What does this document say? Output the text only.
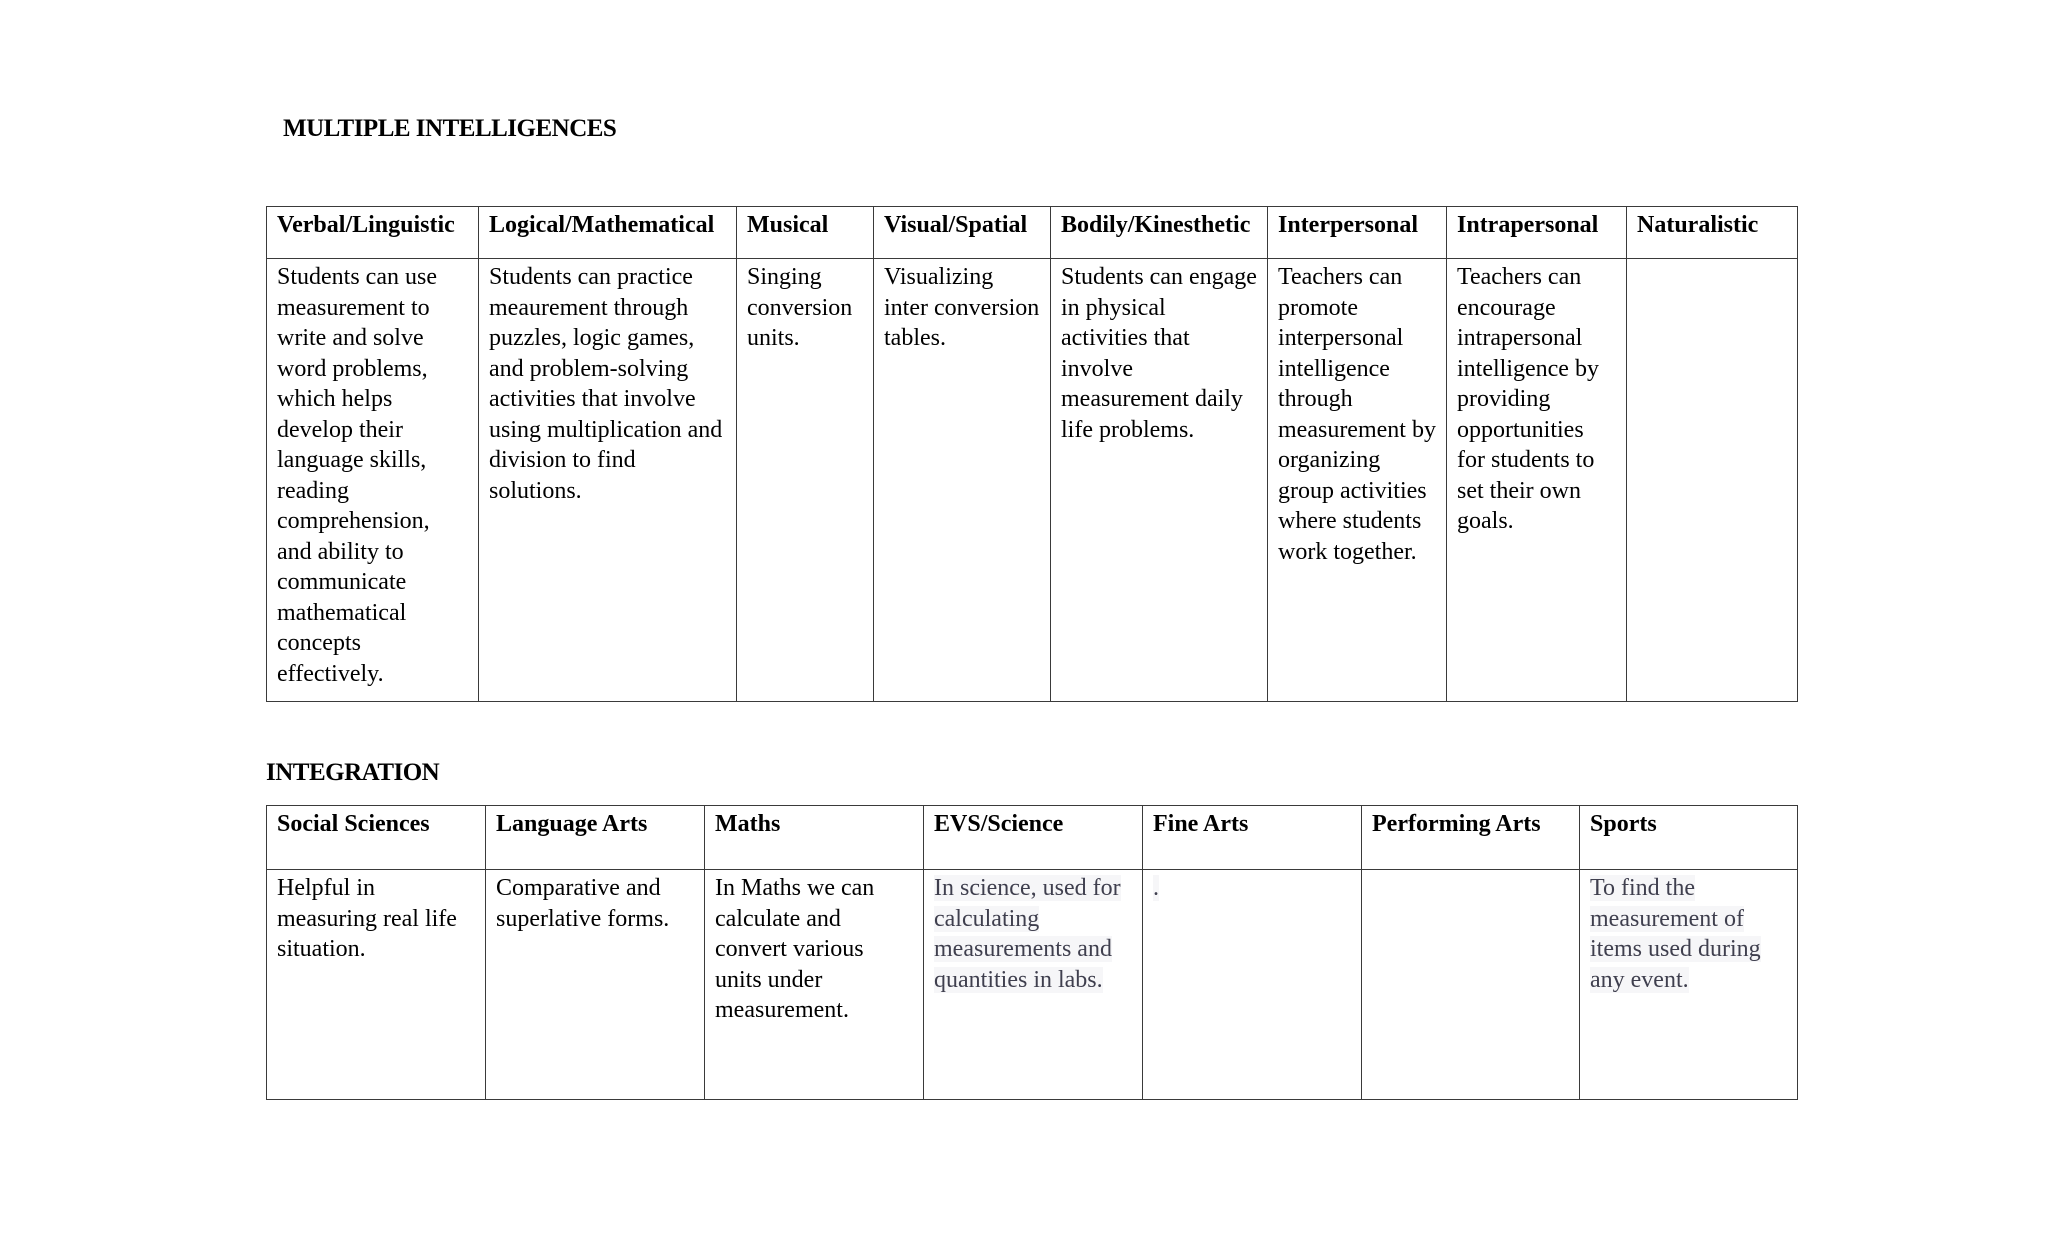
MULTIPLE INTELLIGENCES
Verbal/Linguistic	Logical/Mathematical	Musical	Visual/Spatial	Bodily/Kinesthetic	Interpersonal	Intrapersonal	Naturalistic
Students can use measurement to write and solve word problems, which helps develop their language skills, reading comprehension, and ability to communicate mathematical concepts effectively.	Students can practice meaurement through puzzles, logic games, and problem-solving activities that involve using multiplication and division to find solutions.	Singing conversion units.	Visualizing inter conversion tables.	Students can engage in physical activities that involve measurement daily life problems.	Teachers can promote interpersonal intelligence through measurement by organizing group activities where students work together.	Teachers can encourage intrapersonal intelligence by providing opportunities for students to set their own goals.	
INTEGRATION
Social Sciences	Language Arts	Maths	EVS/Science	Fine Arts	Performing Arts	Sports
Helpful in measuring real life situation.	Comparative and superlative forms.	In Maths we can calculate and convert various units under measurement.	In science, used for calculating measurements and quantities in labs.	.		To find the measurement of items used during any event.
